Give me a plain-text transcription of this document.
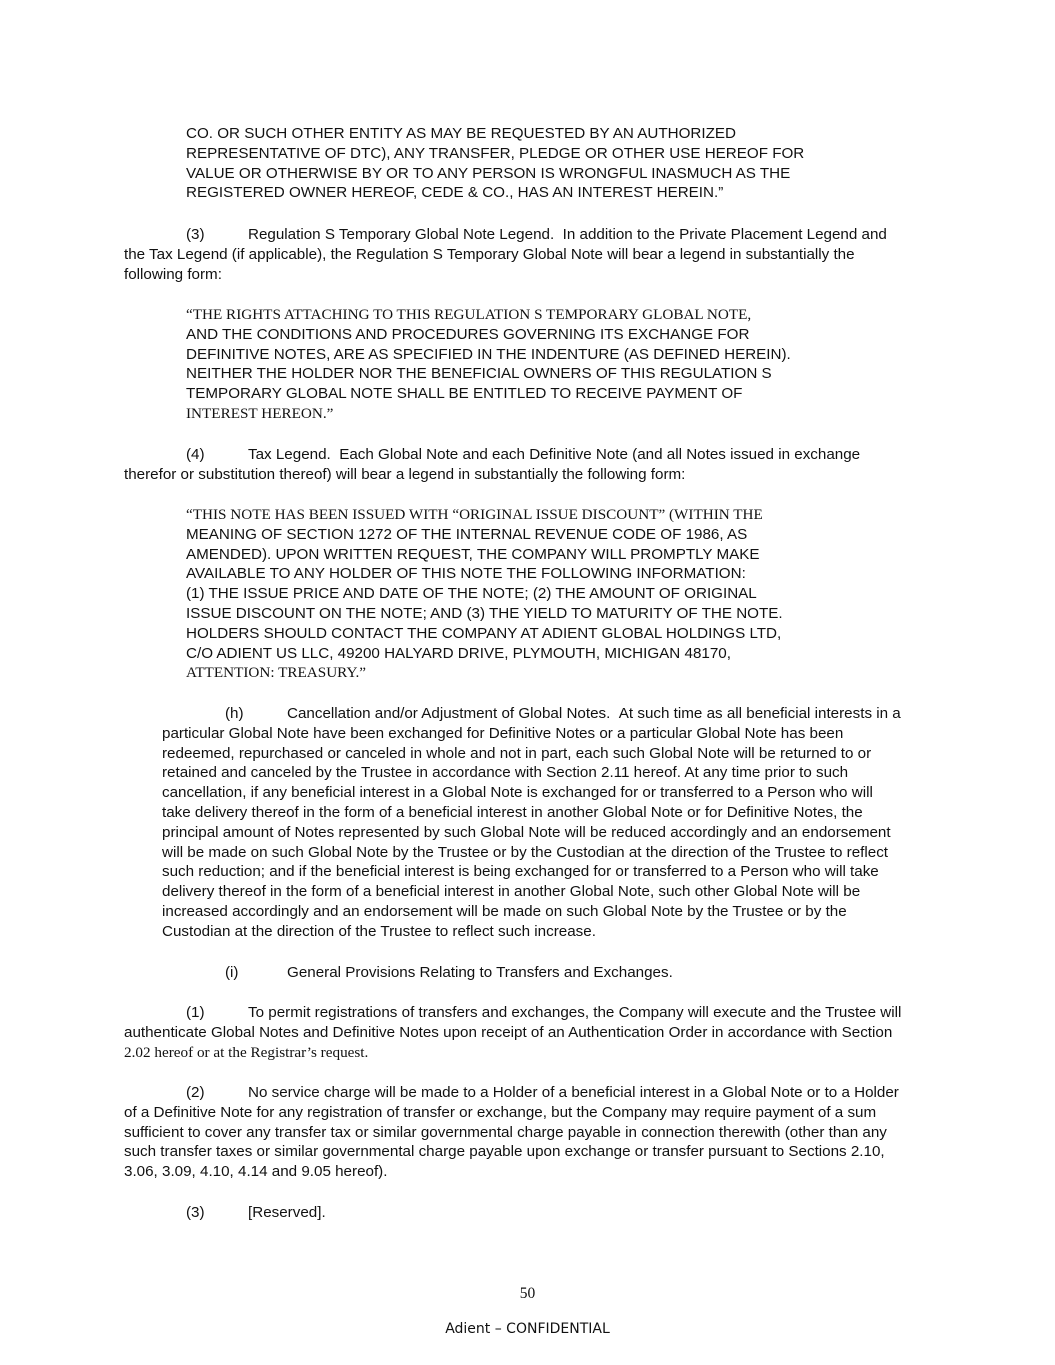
CO. OR SUCH OTHER ENTITY AS MAY BE REQUESTED BY AN AUTHORIZED
REPRESENTATIVE OF DTC), ANY TRANSFER, PLEDGE OR OTHER USE HEREOF FOR
VALUE OR OTHERWISE BY OR TO ANY PERSON IS WRONGFUL INASMUCH AS THE
REGISTERED OWNER HEREOF, CEDE & CO., HAS AN INTEREST HEREIN.”
(3)	Regulation S Temporary Global Note Legend. In addition to the Private Placement Legend and
the Tax Legend (if applicable), the Regulation S Temporary Global Note will bear a legend in substantially the
following form:
“THE RIGHTS ATTACHING TO THIS REGULATION S TEMPORARY GLOBAL NOTE,
AND THE CONDITIONS AND PROCEDURES GOVERNING ITS EXCHANGE FOR
DEFINITIVE NOTES, ARE AS SPECIFIED IN THE INDENTURE (AS DEFINED HEREIN).
NEITHER THE HOLDER NOR THE BENEFICIAL OWNERS OF THIS REGULATION S
TEMPORARY GLOBAL NOTE SHALL BE ENTITLED TO RECEIVE PAYMENT OF
INTEREST HEREON.”
(4)	Tax Legend. Each Global Note and each Definitive Note (and all Notes issued in exchange
therefor or substitution thereof) will bear a legend in substantially the following form:
“THIS NOTE HAS BEEN ISSUED WITH “ORIGINAL ISSUE DISCOUNT” (WITHIN THE
MEANING OF SECTION 1272 OF THE INTERNAL REVENUE CODE OF 1986, AS
AMENDED). UPON WRITTEN REQUEST, THE COMPANY WILL PROMPTLY MAKE
AVAILABLE TO ANY HOLDER OF THIS NOTE THE FOLLOWING INFORMATION:
(1) THE ISSUE PRICE AND DATE OF THE NOTE; (2) THE AMOUNT OF ORIGINAL
ISSUE DISCOUNT ON THE NOTE; AND (3) THE YIELD TO MATURITY OF THE NOTE.
HOLDERS SHOULD CONTACT THE COMPANY AT ADIENT GLOBAL HOLDINGS LTD,
C/O ADIENT US LLC, 49200 HALYARD DRIVE, PLYMOUTH, MICHIGAN 48170,
ATTENTION: TREASURY.”
(h)	Cancellation and/or Adjustment of Global Notes. At such time as all beneficial interests in a
particular Global Note have been exchanged for Definitive Notes or a particular Global Note has been
redeemed, repurchased or canceled in whole and not in part, each such Global Note will be returned to or
retained and canceled by the Trustee in accordance with Section 2.11 hereof. At any time prior to such
cancellation, if any beneficial interest in a Global Note is exchanged for or transferred to a Person who will
take delivery thereof in the form of a beneficial interest in another Global Note or for Definitive Notes, the
principal amount of Notes represented by such Global Note will be reduced accordingly and an endorsement
will be made on such Global Note by the Trustee or by the Custodian at the direction of the Trustee to reflect
such reduction; and if the beneficial interest is being exchanged for or transferred to a Person who will take
delivery thereof in the form of a beneficial interest in another Global Note, such other Global Note will be
increased accordingly and an endorsement will be made on such Global Note by the Trustee or by the
Custodian at the direction of the Trustee to reflect such increase.
(i)	General Provisions Relating to Transfers and Exchanges.
(1)	To permit registrations of transfers and exchanges, the Company will execute and the Trustee will
authenticate Global Notes and Definitive Notes upon receipt of an Authentication Order in accordance with Section
2.02 hereof or at the Registrar’s request.
(2)	No service charge will be made to a Holder of a beneficial interest in a Global Note or to a Holder
of a Definitive Note for any registration of transfer or exchange, but the Company may require payment of a sum
sufficient to cover any transfer tax or similar governmental charge payable in connection therewith (other than any
such transfer taxes or similar governmental charge payable upon exchange or transfer pursuant to Sections 2.10,
3.06, 3.09, 4.10, 4.14 and 9.05 hereof).
(3)	[Reserved].
50
Adient – CONFIDENTIAL
